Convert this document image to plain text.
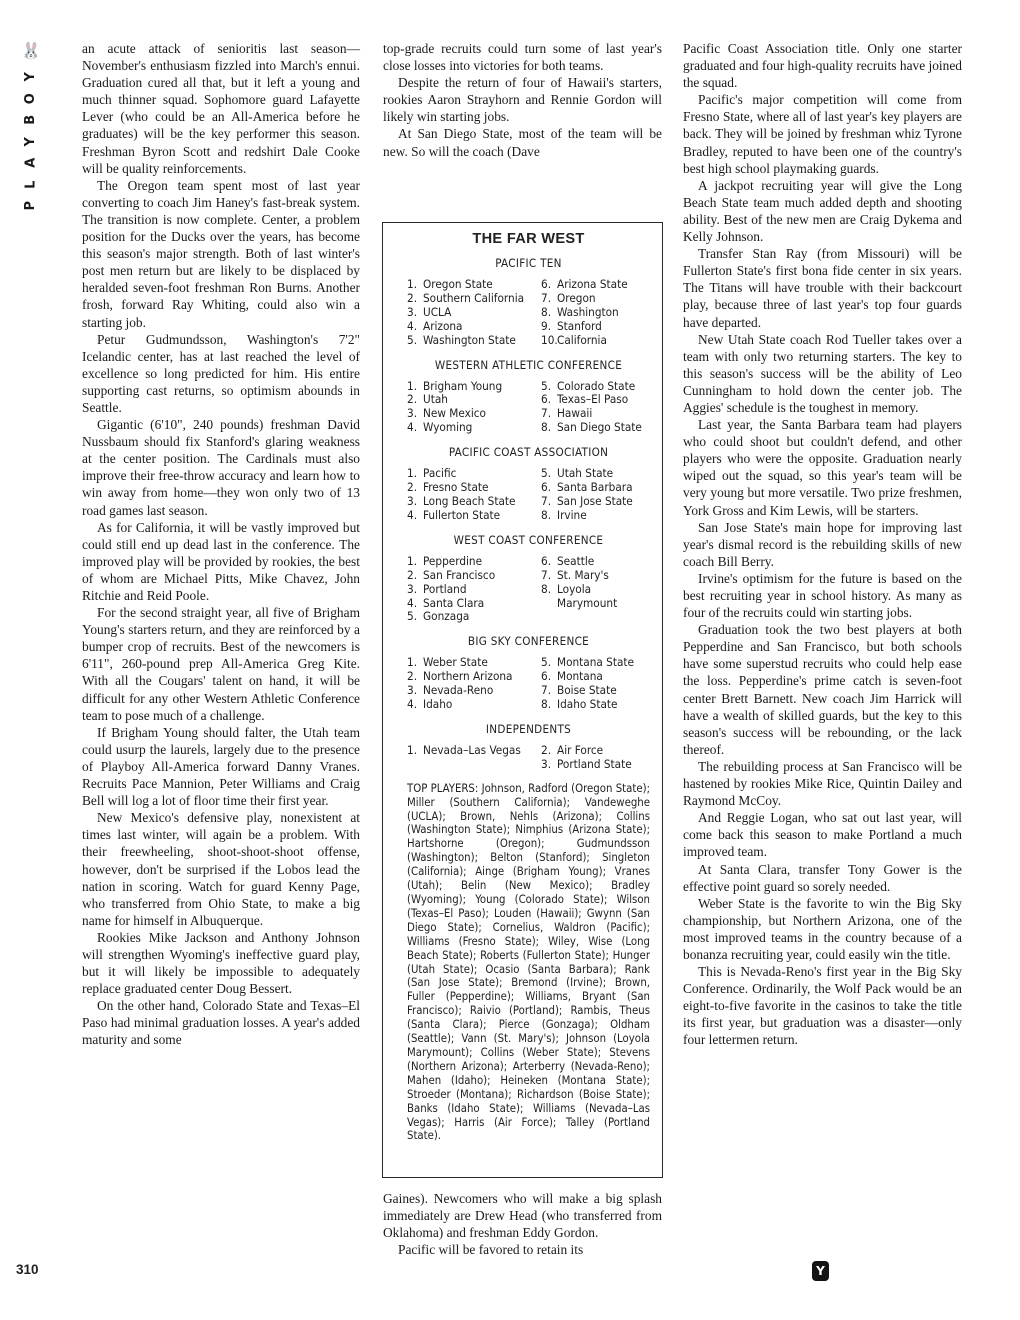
🐰
Y
O
B
Y
A
L
P

an acute attack of senioritis last season—November's enthusiasm fizzled into March's ennui. Graduation cured all that, but it left a young and much thinner squad. Sophomore guard Lafayette Lever (who could be an All-America before he graduates) will be the key performer this season. Freshman Byron Scott and redshirt Dale Cooke will be quality reinforcements.

The Oregon team spent most of last year converting to coach Jim Haney's fast-break system. The transition is now complete. Center, a problem position for the Ducks over the years, has become this season's major strength. Both of last winter's post men return but are likely to be displaced by heralded seven-foot freshman Ron Burns. Another frosh, forward Ray Whiting, could also win a starting job.

Petur Gudmundsson, Washington's 7'2" Icelandic center, has at last reached the level of excellence so long predicted for him. His entire supporting cast returns, so optimism abounds in Seattle.

Gigantic (6'10", 240 pounds) freshman David Nussbaum should fix Stanford's glaring weakness at the center position. The Cardinals must also improve their free-throw accuracy and learn how to win away from home—they won only two of 13 road games last season.

As for California, it will be vastly improved but could still end up dead last in the conference. The improved play will be provided by rookies, the best of whom are Michael Pitts, Mike Chavez, John Ritchie and Reid Poole.

For the second straight year, all five of Brigham Young's starters return, and they are reinforced by a bumper crop of recruits. Best of the newcomers is 6'11", 260-pound prep All-America Greg Kite. With all the Cougars' talent on hand, it will be difficult for any other Western Athletic Conference team to pose much of a challenge.

If Brigham Young should falter, the Utah team could usurp the laurels, largely due to the presence of Playboy All-America forward Danny Vranes. Recruits Pace Mannion, Peter Williams and Craig Bell will log a lot of floor time their first year.

New Mexico's defensive play, nonexistent at times last winter, will again be a problem. With their freewheeling, shoot-shoot-shoot offense, however, don't be surprised if the Lobos lead the nation in scoring. Watch for guard Kenny Page, who transferred from Ohio State, to make a big name for himself in Albuquerque.

Rookies Mike Jackson and Anthony Johnson will strengthen Wyoming's ineffective guard play, but it will likely be impossible to adequately replace graduated center Doug Bessert.

On the other hand, Colorado State and Texas–El Paso had minimal graduation losses. A year's added maturity and some

top-grade recruits could turn some of last year's close losses into victories for both teams.

Despite the return of four of Hawaii's starters, rookies Aaron Strayhorn and Rennie Gordon will likely win starting jobs.

At San Diego State, most of the team will be new. So will the coach (Dave

THE FAR WEST
PACIFIC TEN
1. Oregon State
2. Southern California
3. UCLA
4. Arizona
5. Washington State
6. Arizona State
7. Oregon
8. Washington
9. Stanford
10. California
WESTERN ATHLETIC CONFERENCE
1. Brigham Young
2. Utah
3. New Mexico
4. Wyoming
5. Colorado State
6. Texas–El Paso
7. Hawaii
8. San Diego State
PACIFIC COAST ASSOCIATION
1. Pacific
2. Fresno State
3. Long Beach State
4. Fullerton State
5. Utah State
6. Santa Barbara
7. San Jose State
8. Irvine
WEST COAST CONFERENCE
1. Pepperdine
2. San Francisco
3. Portland
4. Santa Clara
5. Gonzaga
6. Seattle
7. St. Mary's
8. Loyola Marymount
BIG SKY CONFERENCE
1. Weber State
2. Northern Arizona
3. Nevada-Reno
4. Idaho
5. Montana State
6. Montana
7. Boise State
8. Idaho State
INDEPENDENTS
1. Nevada–Las Vegas	2. Air Force
3. Portland State
TOP PLAYERS: Johnson, Radford (Oregon State); Miller (Southern California); Vandeweghe (UCLA); Brown, Nehls (Arizona); Collins (Washington State); Nimphius (Arizona State); Hartshorne (Oregon); Gudmundsson (Washington); Belton (Stanford); Singleton (California); Ainge (Brigham Young); Vranes (Utah); Belin (New Mexico); Bradley (Wyoming); Young (Colorado State); Wilson (Texas–El Paso); Louden (Hawaii); Gwynn (San Diego State); Cornelius, Waldron (Pacific); Williams (Fresno State); Wiley, Wise (Long Beach State); Roberts (Fullerton State); Hunger (Utah State); Ocasio (Santa Barbara); Rank (San Jose State); Bremond (Irvine); Brown, Fuller (Pepperdine); Williams, Bryant (San Francisco); Raivio (Portland); Rambis, Theus (Santa Clara); Pierce (Gonzaga); Oldham (Seattle); Vann (St. Mary's); Johnson (Loyola Marymount); Collins (Weber State); Stevens (Northern Arizona); Arterberry (Nevada-Reno); Mahen (Idaho); Heineken (Montana State); Stroeder (Montana); Richardson (Boise State); Banks (Idaho State); Williams (Nevada–Las Vegas); Harris (Air Force); Talley (Portland State).

Gaines). Newcomers who will make a big splash immediately are Drew Head (who transferred from Oklahoma) and freshman Eddy Gordon.

Pacific will be favored to retain its

Pacific Coast Association title. Only one starter graduated and four high-quality recruits have joined the squad.

Pacific's major competition will come from Fresno State, where all of last year's key players are back. They will be joined by freshman whiz Tyrone Bradley, reputed to have been one of the country's best high school playmaking guards.

A jackpot recruiting year will give the Long Beach State team much added depth and shooting ability. Best of the new men are Craig Dykema and Kelly Johnson.

Transfer Stan Ray (from Missouri) will be Fullerton State's first bona fide center in six years. The Titans will have trouble with their backcourt play, because three of last year's top four guards have departed.

New Utah State coach Rod Tueller takes over a team with only two returning starters. The key to this season's success will be the ability of Leo Cunningham to hold down the center job. The Aggies' schedule is the toughest in memory.

Last year, the Santa Barbara team had players who could shoot but couldn't defend, and other players who were the opposite. Graduation nearly wiped out the squad, so this year's team will be very young but more versatile. Two prize freshmen, York Gross and Kim Lewis, will be starters.

San Jose State's main hope for improving last year's dismal record is the rebuilding skills of new coach Bill Berry.

Irvine's optimism for the future is based on the best recruiting year in school history. As many as four of the recruits could win starting jobs.

Graduation took the two best players at both Pepperdine and San Francisco, but both schools have some superstud recruits who could help ease the loss. Pepperdine's prime catch is seven-foot center Brett Barnett. New coach Jim Harrick will have a wealth of skilled guards, but the key to this season's success will be rebounding, or the lack thereof.

The rebuilding process at San Francisco will be hastened by rookies Mike Rice, Quintin Dailey and Raymond McCoy.

And Reggie Logan, who sat out last year, will come back this season to make Portland a much improved team.

At Santa Clara, transfer Tony Gower is the effective point guard so sorely needed.

Weber State is the favorite to win the Big Sky championship, but Northern Arizona, one of the most improved teams in the country because of a bonanza recruiting year, could easily win the title.

This is Nevada-Reno's first year in the Big Sky Conference. Ordinarily, the Wolf Pack would be an eight-to-five favorite in the casinos to take the title its first year, but graduation was a disaster—only four lettermen return.

310	Y
